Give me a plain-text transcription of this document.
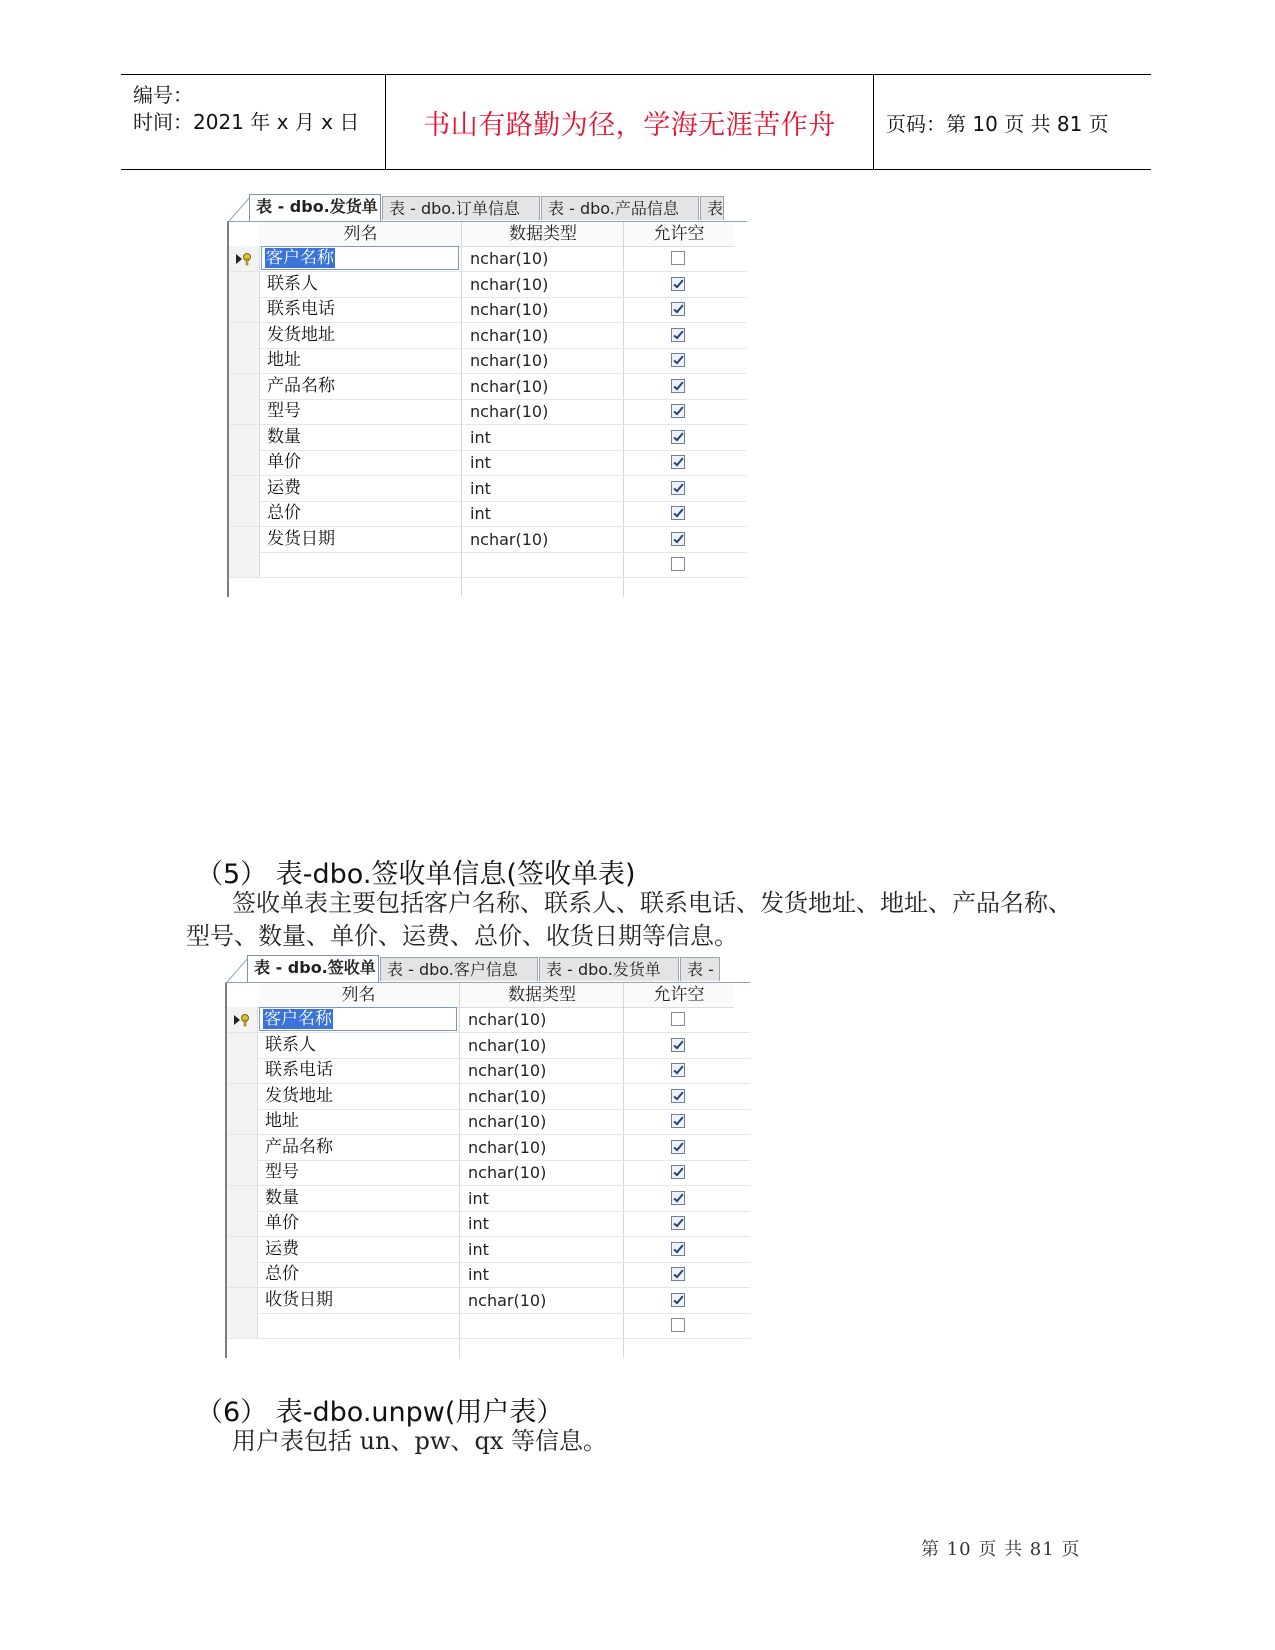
编号：
时间：2021 年 x 月 x 日	书山有路勤为径，学海无涯苦作舟	页码：第 10 页 共 81 页
表 - dbo.发货单 表 - dbo.订单信息	表 - dbo.产品信息	表
列名	数据类型	允许空
客户名称	nchar(10)
联系人	nchar(10)
联系电话	nchar(10)
发货地址	nchar(10)
地址	nchar(10)
产品名称	nchar(10)
型号	nchar(10)
数量	int
单价	int
运费	int
总价	int
发货日期	nchar(10)
（5） 表-dbo.签收单信息(签收单表)
签收单表主要包括客户名称、联系人、联系电话、发货地址、地址、产品名称、
型号、数量、单价、运费、总价、收货日期等信息。
表 - dbo.签收单 表 - dbo.客户信息	表 - dbo.发货单	表 -
列名	数据类型	允许空
客户名称	nchar(10)
联系人	nchar(10)
联系电话	nchar(10)
发货地址	nchar(10)
地址	nchar(10)
产品名称	nchar(10)
型号	nchar(10)
数量	int
单价	int
运费	int
总价	int
收货日期	nchar(10)
（6） 表-dbo.unpw(用户表）
用户表包括 un、pw、qx 等信息。
第 10 页 共 81 页
